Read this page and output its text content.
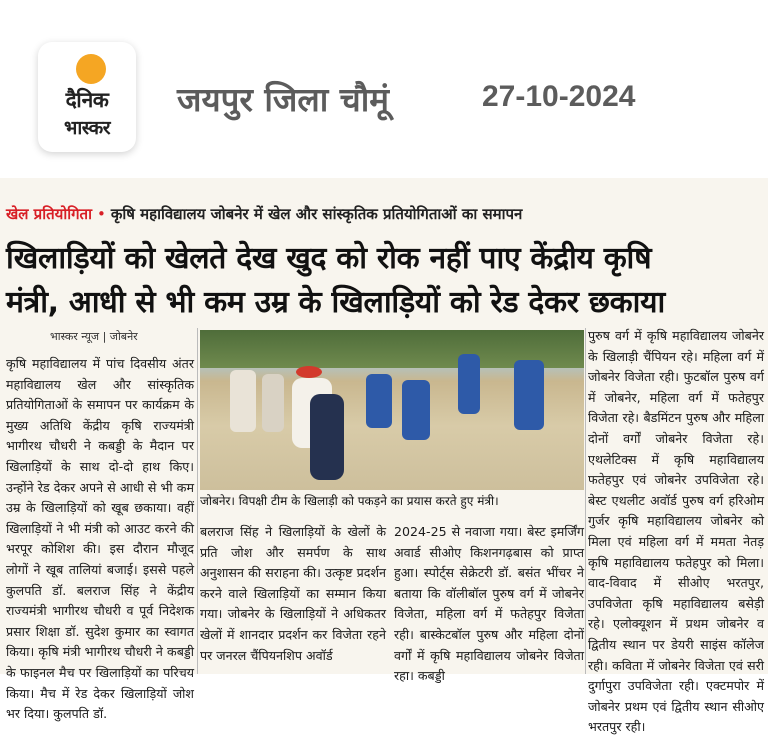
दैनिक
भास्कर
जयपुर जिला चौमूं	27-10-2024
खेल प्रतियोगिता • कृषि महाविद्यालय जोबनेर में खेल और सांस्कृतिक प्रतियोगिताओं का समापन
खिलाड़ियों को खेलते देख खुद को रोक नहीं पाए केंद्रीय कृषि
मंत्री, आधी से भी कम उम्र के खिलाड़ियों को रेड देकर छकाया
भास्कर न्यूज | जोबनेर
कृषि महाविद्यालय में पांच दिवसीय अंतर महाविद्यालय खेल और सांस्कृतिक प्रतियोगिताओं के समापन पर कार्यक्रम के मुख्य अतिथि केंद्रीय कृषि राज्यमंत्री भागीरथ चौधरी ने कबड्डी के मैदान पर खिलाड़ियों के साथ दो-दो हाथ किए। उन्होंने रेड देकर अपने से आधी से भी कम उम्र के खिलाड़ियों को खूब छकाया। वहीं खिलाड़ियों ने भी मंत्री को आउट करने की भरपूर कोशिश की। इस दौरान मौजूद लोगों ने खूब तालियां बजाई। इससे पहले कुलपति डॉ. बलराज सिंह ने केंद्रीय राज्यमंत्री भागीरथ चौधरी व पूर्व निदेशक प्रसार शिक्षा डॉ. सुदेश कुमार का स्वागत किया। कृषि मंत्री भागीरथ चौधरी ने कबड्डी के फाइनल मैच पर खिलाड़ियों का परिचय किया। मैच में रेड देकर खिलाड़ियों जोश भर दिया। कुलपति डॉ.
जोबनेर। विपक्षी टीम के खिलाड़ी को पकड़ने का प्रयास करते हुए मंत्री।
बलराज सिंह ने खिलाड़ियों के खेलों के प्रति जोश और समर्पण के साथ अनुशासन की सराहना की। उत्कृष्ट प्रदर्शन करने वाले खिलाड़ियों का सम्मान किया गया। जोबनेर के खिलाड़ियों ने अधिकतर खेलों में शानदार प्रदर्शन कर विजेता रहने पर जनरल चैंपियनशिप अवॉर्ड
2024-25 से नवाजा गया। बेस्ट इमर्जिंग अवार्ड सीओए किशनगढ़बास को प्राप्त हुआ। स्पोर्ट्स सेक्रेटरी डॉ. बसंत भींचर ने बताया कि वॉलीबॉल पुरुष वर्ग में जोबनेर विजेता, महिला वर्ग में फतेहपुर विजेता रही। बास्केटबॉल पुरुष और महिला दोनों वर्गों में कृषि महाविद्यालय जोबनेर विजेता रहा। कबड्डी
पुरुष वर्ग में कृषि महाविद्यालय जोबनेर के खिलाड़ी चैंपियन रहे। महिला वर्ग में जोबनेर विजेता रही। फुटबॉल पुरुष वर्ग में जोबनेर, महिला वर्ग में फतेहपुर विजेता रहे। बैडमिंटन पुरुष और महिला दोनों वर्गों जोबनेर विजेता रहे। एथलेटिक्स में कृषि महाविद्यालय फतेहपुर एवं जोबनेर उपविजेता रहे। बेस्ट एथलीट अवॉर्ड पुरुष वर्ग हरिओम गुर्जर कृषि महाविद्यालय जोबनेर को मिला एवं महिला वर्ग में ममता नेतड़ कृषि महाविद्यालय फतेहपुर को मिला। वाद-विवाद में सीओए भरतपुर, उपविजेता कृषि महाविद्यालय बसेड़ी रहे। एलोक्यूशन में प्रथम जोबनेर व द्वितीय स्थान पर डेयरी साइंस कॉलेज रही। कविता में जोबनेर विजेता एवं सरी दुर्गापुरा उपविजेता रही। एक्टमपोर में जोबनेर प्रथम एवं द्वितीय स्थान सीओए भरतपुर रही।
